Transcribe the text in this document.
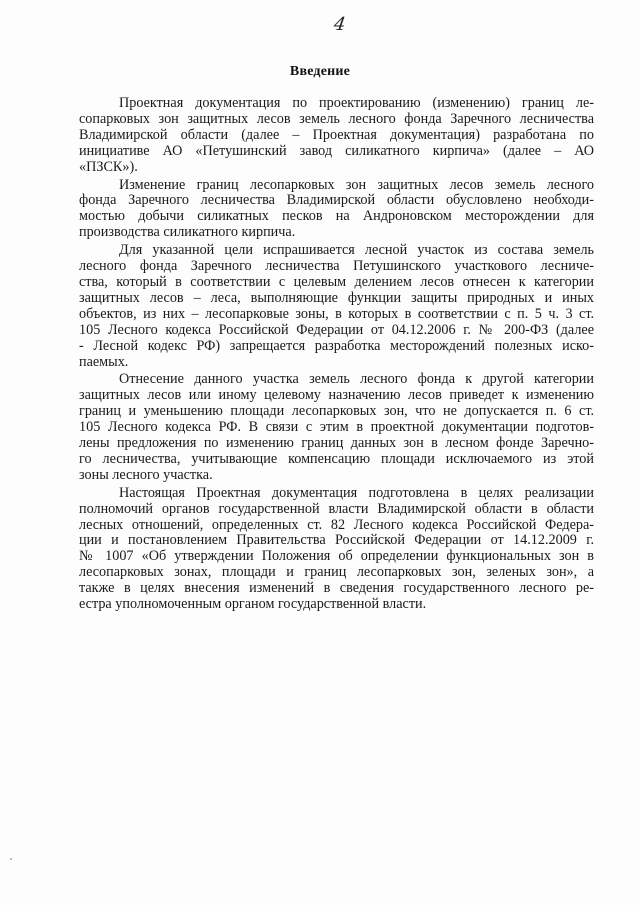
4
Введение
Проектная документация по проектированию (изменению) границ ле-
сопарковых зон защитных лесов земель лесного фонда Заречного лесничества
Владимирской области (далее – Проектная документация) разработана по
инициативе АО «Петушинский завод силикатного кирпича» (далее – АО
«ПЗСК»).
Изменение границ лесопарковых зон защитных лесов земель лесного
фонда Заречного лесничества Владимирской области обусловлено необходи-
мостью добычи силикатных песков на Андроновском месторождении для
производства силикатного кирпича.
Для указанной цели испрашивается лесной участок из состава земель
лесного фонда Заречного лесничества Петушинского участкового лесниче-
ства, который в соответствии с целевым делением лесов отнесен к категории
защитных лесов – леса, выполняющие функции защиты природных и иных
объектов, из них – лесопарковые зоны, в которых в соответствии с п. 5 ч. 3 ст.
105 Лесного кодекса Российской Федерации от 04.12.2006 г. № 200-ФЗ (далее
- Лесной кодекс РФ) запрещается разработка месторождений полезных иско-
паемых.
Отнесение данного участка земель лесного фонда к другой категории
защитных лесов или иному целевому назначению лесов приведет к изменению
границ и уменьшению площади лесопарковых зон, что не допускается п. 6 ст.
105 Лесного кодекса РФ. В связи с этим в проектной документации подготов-
лены предложения по изменению границ данных зон в лесном фонде Заречно-
го лесничества, учитывающие компенсацию площади исключаемого из этой
зоны лесного участка.
Настоящая Проектная документация подготовлена в целях реализации
полномочий органов государственной власти Владимирской области в области
лесных отношений, определенных ст. 82 Лесного кодекса Российской Федера-
ции и постановлением Правительства Российской Федерации от 14.12.2009 г.
№ 1007 «Об утверждении Положения об определении функциональных зон в
лесопарковых зонах, площади и границ лесопарковых зон, зеленых зон», а
также в целях внесения изменений в сведения государственного лесного ре-
естра уполномоченным органом государственной власти.
